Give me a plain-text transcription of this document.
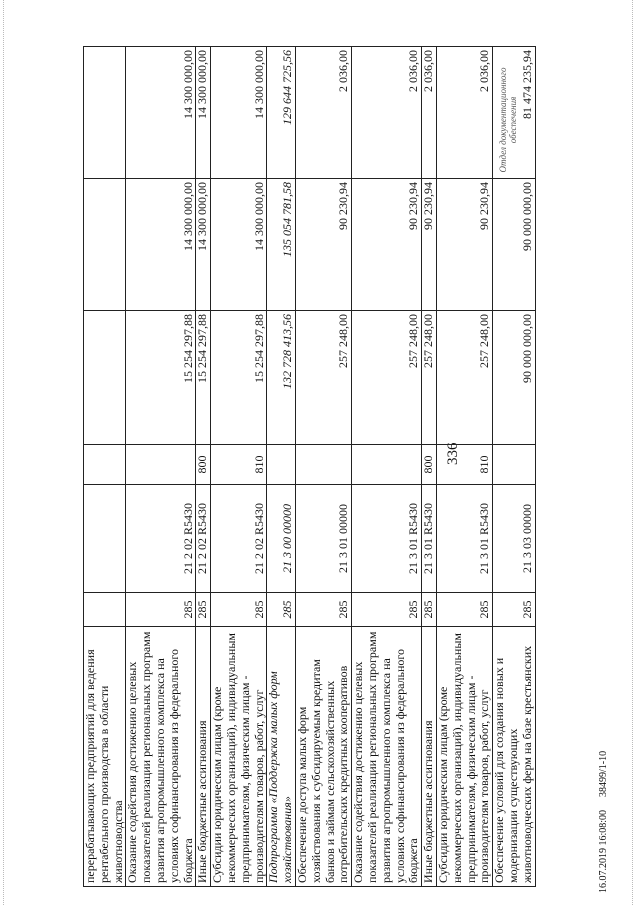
336
перерабатывающих предприятий для ведения рентабельного производства в области животноводства						
Оказание содействия достижению целевых показателей реализации региональных программ развития агропромышленного комплекса на условиях софинансирования из федерального бюджета	285	21 2 02 R5430		15 254 297,88	14 300 000,00	14 300 000,00
Иные бюджетные ассигнования	285	21 2 02 R5430	800	15 254 297,88	14 300 000,00	14 300 000,00
Субсидии юридическим лицам (кроме некоммерческих организаций), индивидуальным предпринимателям, физическим лицам - производителям товаров, работ, услуг	285	21 2 02 R5430	810	15 254 297,88	14 300 000,00	14 300 000,00
Подпрограмма «Поддержка малых форм хозяйствования»	285	21 3 00 00000		132 728 413,56	135 054 781,58	129 644 725,56
Обеспечение доступа малых форм хозяйствования к субсидируемым кредитам банков и займам сельскохозяйственных потребительских кредитных кооперативов	285	21 3 01 00000		257 248,00	90 230,94	2 036,00
Оказание содействия достижению целевых показателей реализации региональных программ развития агропромышленного комплекса на условиях софинансирования из федерального бюджета	285	21 3 01 R5430		257 248,00	90 230,94	2 036,00
Иные бюджетные ассигнования	285	21 3 01 R5430	800	257 248,00	90 230,94	2 036,00
Субсидии юридическим лицам (кроме некоммерческих организаций), индивидуальным предпринимателям, физическим лицам - производителям товаров, работ, услуг	285	21 3 01 R5430	810	257 248,00	90 230,94	2 036,00
Обеспечение условий для создания новых и модернизации существующих животноводческих ферм на базе крестьянских	285	21 3 03 00000		90 000 000,00	90 000 000,00	81 474 235,94
Отдел документационного обеспечения
16.07.2019 16:08:00
38499/1-10
